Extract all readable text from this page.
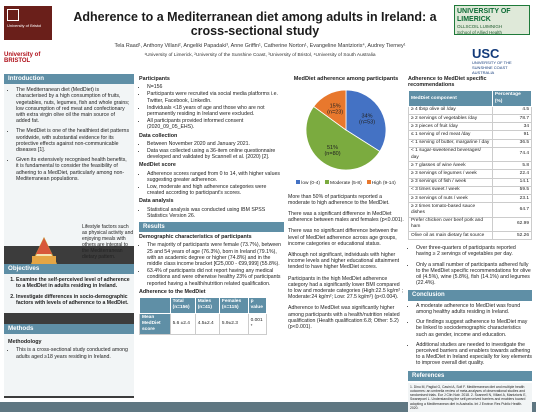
University of Bristol
University of BRISTOL
UNIVERSITY OF LIMERICK
OLLSCOIL LUIMNIGH
School of Allied Health
USC
UNIVERSITY OF THE SUNSHINE COAST AUSTRALIA
Adherence to a Mediterranean diet among adults in Ireland: a cross-sectional study
Tela Raad¹, Anthony Villani², Angeliki Papadaki³, Anne Griffin¹, Catherine Norton¹, Evangeline Mantzioris⁴, Audrey Tierney¹
¹University of Limerick, ²University of the Sunshine Coast, ³University of Bristol, ⁴University of South Australia
Introduction
• The Mediterranean diet (MedDiet) is characterised by a high consumption of fruits, vegetables, nuts, legumes, fish and whole grains; low consumption of red meat and confectionary with extra virgin olive oil the main source of added fat.
• The MedDiet is one of the healthiest diet patterns worldwide, with substantial evidence for its protective effects against non-communicable diseases [1].
• Given its extensively recognised health benefits, it is fundamental to consider the feasibility of adhering to a MedDiet, particularly among non-Mediterranean populations.
Lifestyle factors such as physical activity and enjoying meals with others are integral to the Mediterranean dietary pattern.
Objectives
1. Examine the self-perceived level of adherence to a MedDiet in adults residing in Ireland.
2. Investigate differences in socio-demographic factors with levels of adherence to a MedDiet.
Methods
Methodology
• This is a cross-sectional study conducted among adults aged ≥18 years residing in Ireland.
Participants
• N=156
• Participants were recruited via social media platforms i.e. Twitter, Facebook, LinkedIn.
• Individuals <18 years of age and those who are not permanently residing in Ireland were excluded.
• All participants provided informed consent (2020_09_05_EHS).
Data collection
• Between November 2020 and January 2021.
• Data was collected using a 36-item online questionnaire developed and validated by Scannell et al. (2020) [2].
MedDiet score
• Adherence scores ranged from 0 to 14, with higher values suggesting greater adherence.
• Low, moderate and high adherence categories were created according to participant's scores.
Data analysis
• Statistical analysis was conducted using IBM SPSS Statistics Version 26.
Results
Demographic characteristics of participants
• The majority of participants were female (73.7%), between 25 and 54 years of age (76.3%), born in Ireland (79.1%), with an academic degree or higher (74.8%) and in the middle class income bracket [€25,000 - €99,999] (55.8%).
• 63.4% of participants did not report having any medical conditions and were otherwise healthy 23% of participants reported having a health/nutrition related qualification.
Adherence to the MedDiet
	Total (n=156)	Males (n=41)	Females (n=115)	p value
Mean MedDiet score	5.6 ±2.4	4.5±2.4	5.9±2.3	0.001 *
MedDiet adherence among participants
34% (n=53)
51% (n=80)
15% (n=23)
low (0-4)	Moderate (5-8)	High (9-14)

More than 50% of participants reported a moderate to high adherence to the MedDiet.

There was a significant difference in MedDiet adherence between males and females (p<0.001).

There was no significant difference between the level of MedDiet adherence across age groups, income categories or educational status.

Although not significant, individuals with higher income levels and higher educational attainment tended to have higher MedDiet scores.

Participants in the high MedDiet adherence category had a significantly lower BMI compared to low and moderate categories (High:22.5 kg/m² ; Moderate:24 kg/m²; Low: 27.5 kg/m²) (p<0.004).

Adherence to MedDiet was significantly higher among participants with a health/nutrition related qualification (Health qualification:6.8; Other: 5.2) (p<0.001).

Adherence to MedDiet specific recommendations
MedDiet component	Percentage (%)
≥ 4 tbsp olive oil /day	4.5
≥ 2 servings of vegetables /day	78.7
≥ 3 pieces of fruit /day	34
≤ 1 serving of red meat /day	91
< 1 serving of butter, margarine / day	36.5
< 1 sugar-sweetened beverages/ day	74.4
≥ 7 glasses of wine /week	5.8
≥ 3 servings of legumes / week	22.4
≥ 3 servings of fish / week	14.1
< 3 times sweet / week	59.5
≥ 3 servings of nuts / week	23.1
≥ 2 times tomato-based sauce dishes	64.7
Prefer chicken over beef pork and ham	62.99
Olive oil as main dietary fat source	52.26
• Over three-quarters of participants reported having ≥ 2 servings of vegetables per day.
• Only a small number of participants adhered fully to the MedDiet specific recommendations for olive oil (4.5%), wine (5.8%), fish (14.1%) and legumes (22.4%).
Conclusion
• A moderate adherence to MedDiet was found among healthy adults residing in Ireland.
• Our findings suggest adherence to MedDiet may be linked to sociodemographic characteristics such as gender, income and education.
• Additional studies are needed to investigate the perceived barriers and enablers towards adhering to a MedDiet in Ireland especially for key elements to improve overall diet quality.
References
1. Dinu M, Pagliai G, Casini A, Sofi F. Mediterranean diet and multiple health outcomes: an umbrella review of meta-analyses of observational studies and randomised trials. Eur J Clin Nutr. 2018. 2. Scannell N, Villani A, Mantzioris E, Swanepoel L. Understanding the self-perceived barriers and enablers toward adopting a Mediterranean diet in Australia. Int J Environ Res Public Health. 2020.
